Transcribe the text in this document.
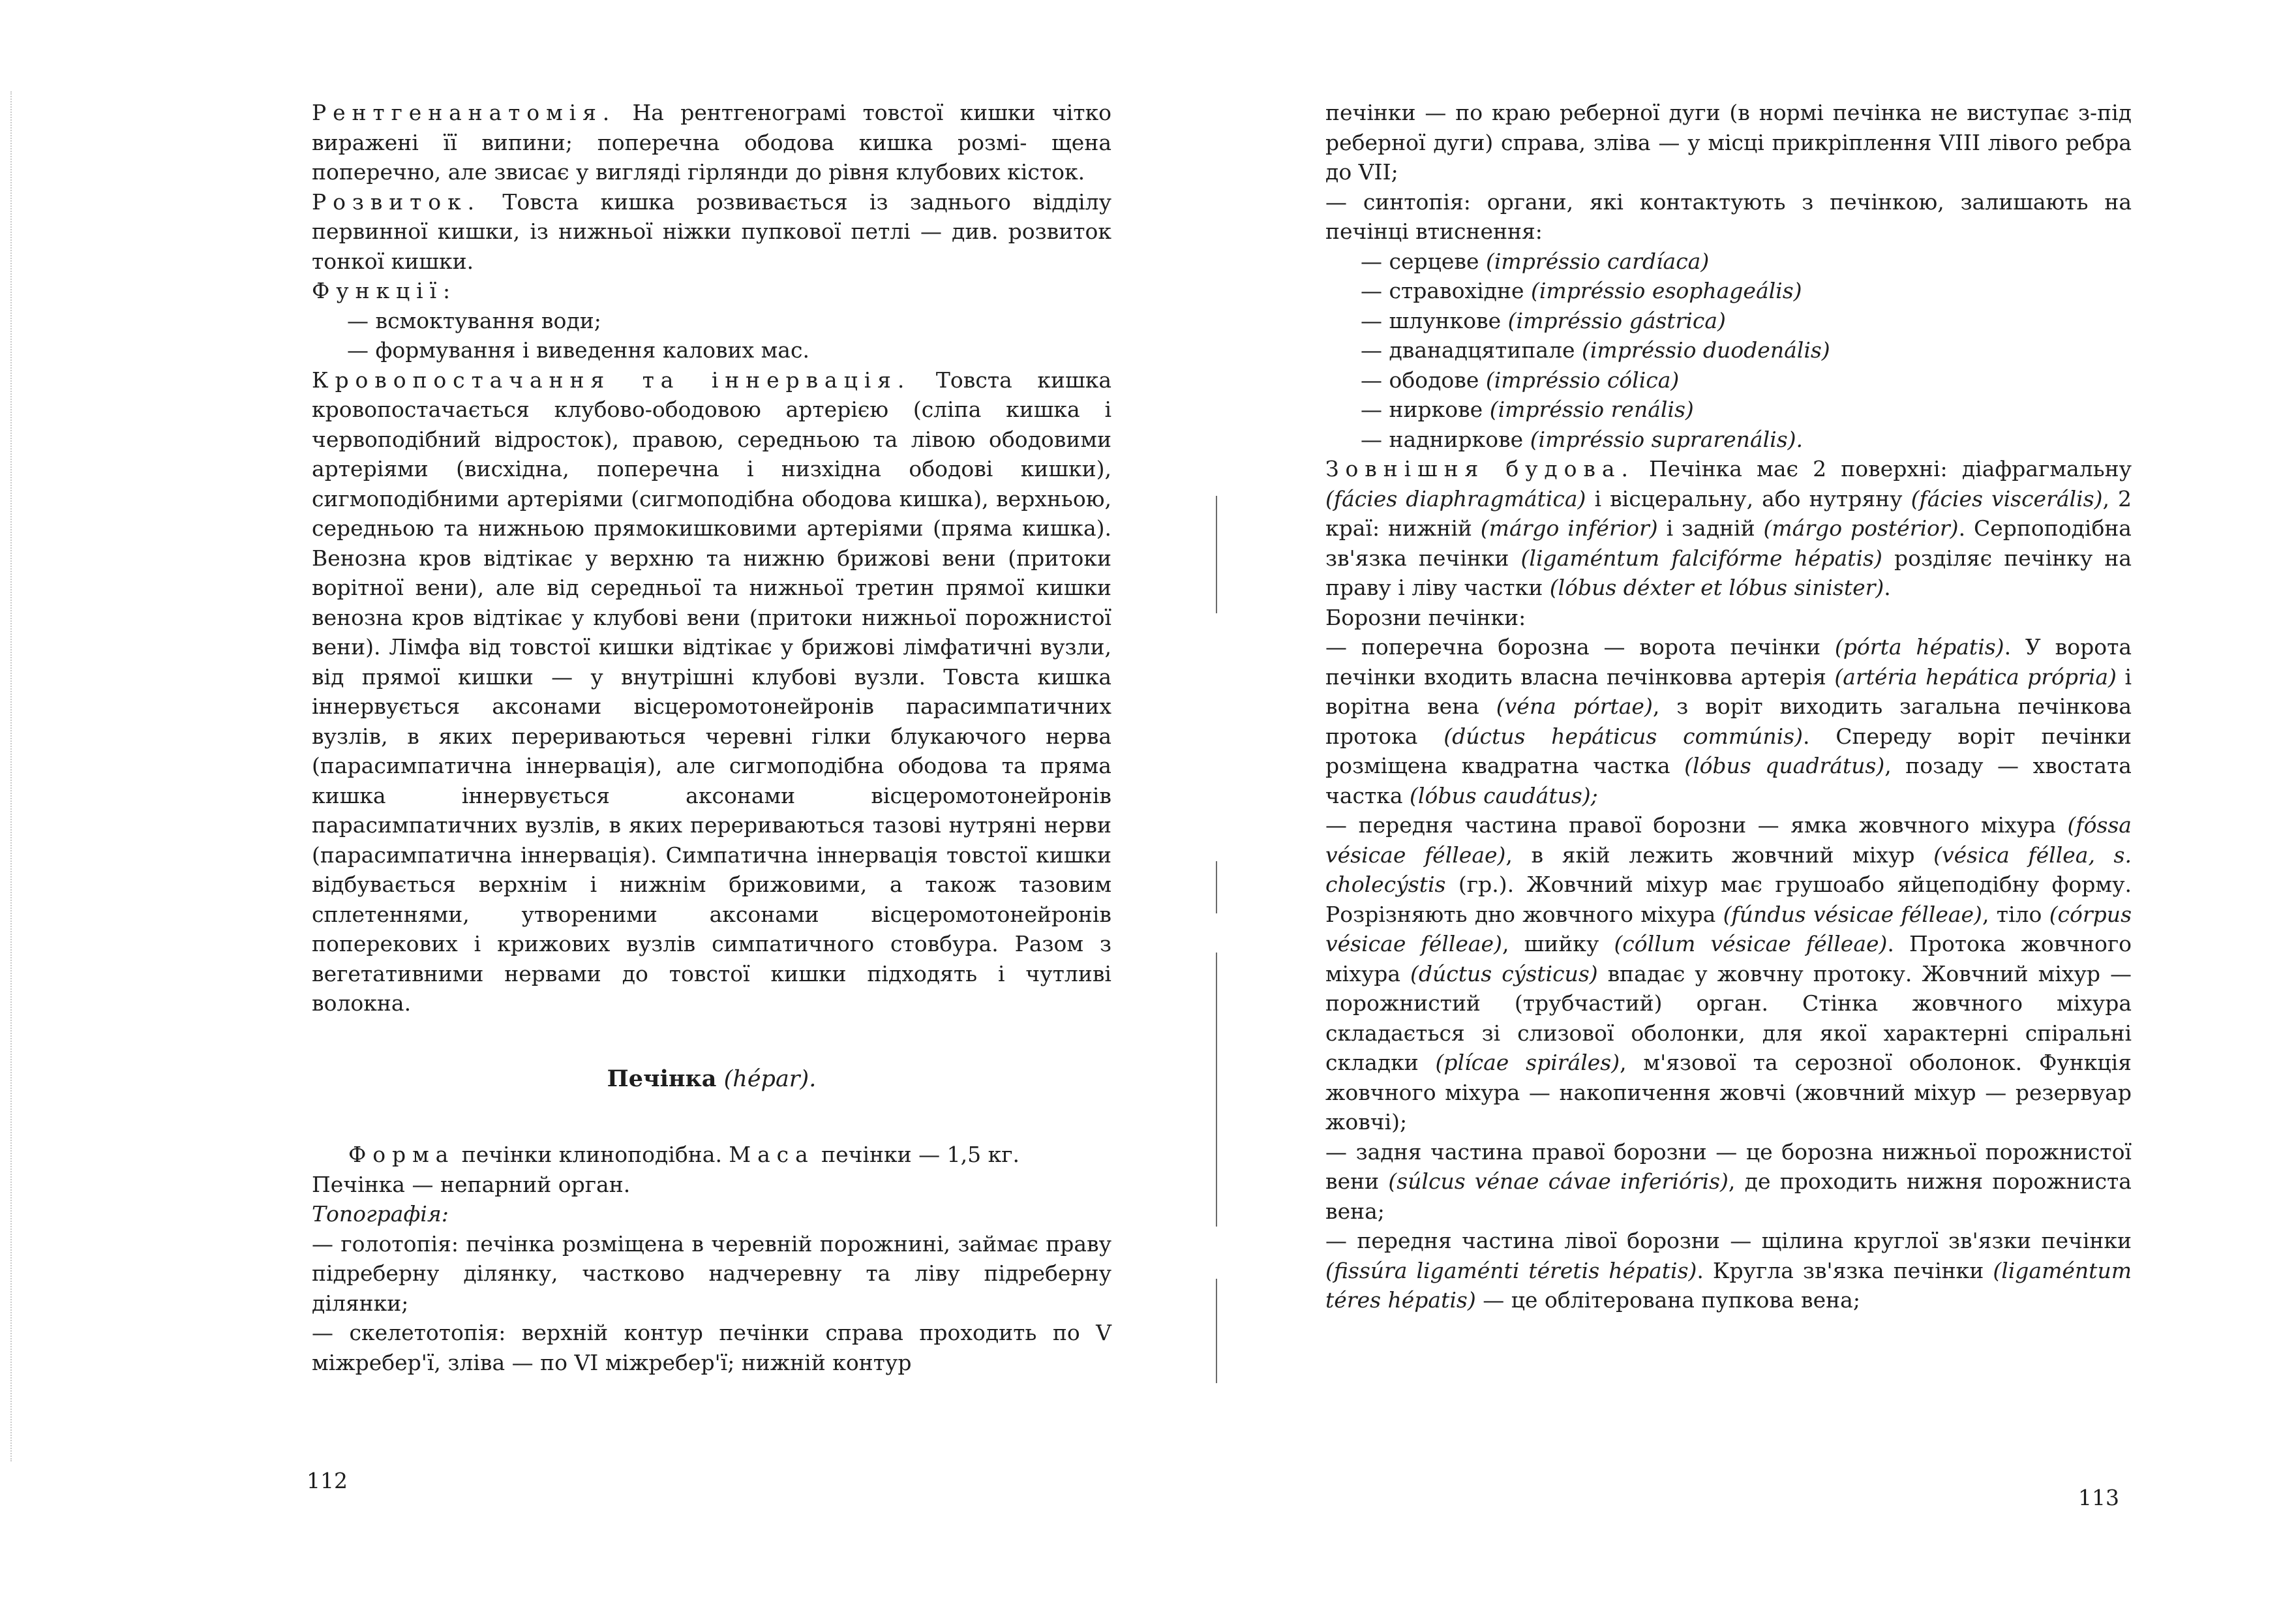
Рентгенанатомія. На рентгенограмі товстої кишки чітко виражені її випини; поперечна ободова кишка розмі- щена поперечно, але звисає у вигляді гірлянди до рівня клубових кісток.

Розвиток. Товста кишка розвивається із заднього відділу первинної кишки, із нижньої ніжки пупкової петлі — див. розвиток тонкої кишки.

Функції:

— всмоктування води;

— формування і виведення калових мас.

Кровопостачання та іннервація. Товста кишка кровопостачається клубово-ободовою артерією (сліпа кишка і червоподібний відросток), правою, середньою та лівою ободовими артеріями (висхідна, поперечна і низхідна ободові кишки), сигмоподібними артеріями (сигмоподібна ободова кишка), верхньою, середньою та нижньою прямокишковими артеріями (пряма кишка). Венозна кров відтікає у верхню та нижню брижові вени (притоки ворітної вени), але від середньої та нижньої третин прямої кишки венозна кров відтікає у клубові вени (притоки нижньої порожнистої вени). Лімфа від товстої кишки відтікає у брижові лімфатичні вузли, від прямої кишки — у внутрішні клубові вузли. Товста кишка іннервується аксонами вісцеромотонейронів парасимпатичних вузлів, в яких перериваються черевні гілки блукаючого нерва (парасимпатична іннервація), але сигмоподібна ободова та пряма кишка іннервується аксонами вісцеромотонейронів парасимпатичних вузлів, в яких перериваються тазові нутряні нерви (парасимпатична іннервація). Симпатична іннервація товстої кишки відбувається верхнім і нижнім брижовими, а також тазовим сплетеннями, утвореними аксонами вісцеромотонейронів поперекових і крижових вузлів симпатичного стовбура. Разом з вегетативними нервами до товстої кишки підходять і чутливі волокна.

Печінка (hépar).

Форма печінки клиноподібна. Маса печінки — 1,5 кг.

Печінка — непарний орган.

Топографія:

— голотопія: печінка розміщена в черевній порожнині, займає праву підреберну ділянку, частково надчеревну та ліву підреберну ділянки;

— скелетотопія: верхній контур печінки справа проходить по V міжребер'ї, зліва — по VI міжребер'ї; нижній контур

112

печінки — по краю реберної дуги (в нормі печінка не виступає з-під реберної дуги) справа, зліва — у місці прикріплення VIII лівого ребра до VII;

— синтопія: органи, які контактують з печінкою, залишають на печінці втиснення:

— серцеве (impréssio cardíaca)

— стравохідне (impréssio esophageális)

— шлункове (impréssio gástrica)

— дванадцятипале (impréssio duodenális)

— ободове (impréssio cólica)

— ниркове (impréssio renális)

— надниркове (impréssio suprarenális).

Зовнішня будова. Печінка має 2 поверхні: діафрагмальну (fácies diaphragmática) і вісцеральну, або нутряну (fácies viscerális), 2 краї: нижній (márgo inférior) і задній (márgo postérior). Серпоподібна зв'язка печінки (ligaméntum falcifórme hépatis) розділяє печінку на праву і ліву частки (lóbus déxter et lóbus sinister).

Борозни печінки:

— поперечна борозна — ворота печінки (pórta hépatis). У ворота печінки входить власна печінковва артерія (artéria hepática própria) і ворітна вена (véna pórtae), з воріт виходить загальна печінкова протока (dúctus hepáticus commúnis). Спереду воріт печінки розміщена квадратна частка (lóbus quadrátus), позаду — хвостата частка (lóbus caudátus);

— передня частина правої борозни — ямка жовчного міхура (fóssa vésicae félleae), в якій лежить жовчний міхур (vésica féllea, s. cholecýstis (гр.). Жовчний міхур має грушоабо яйцеподібну форму. Розрізняють дно жовчного міхура (fúndus vésicae félleae), тіло (córpus vésicae félleae), шийку (cóllum vésicae félleae). Протока жовчного міхура (dúctus cýsticus) впадає у жовчну протоку. Жовчний міхур — порожнистий (трубчастий) орган. Стінка жовчного міхура складається зі слизової оболонки, для якої характерні спіральні складки (plícae spiráles), м'язової та серозної оболонок. Функція жовчного міхура — накопичення жовчі (жовчний міхур — резервуар жовчі);

— задня частина правої борозни — це борозна нижньої порожнистої вени (súlcus vénae cávae inferióris), де проходить нижня порожниста вена;

— передня частина лівої борозни — щілина круглої зв'язки печінки (fissúra ligaménti téretis hépatis). Кругла зв'язка печінки (ligaméntum téres hépatis) — це облітерована пупкова вена;

113
